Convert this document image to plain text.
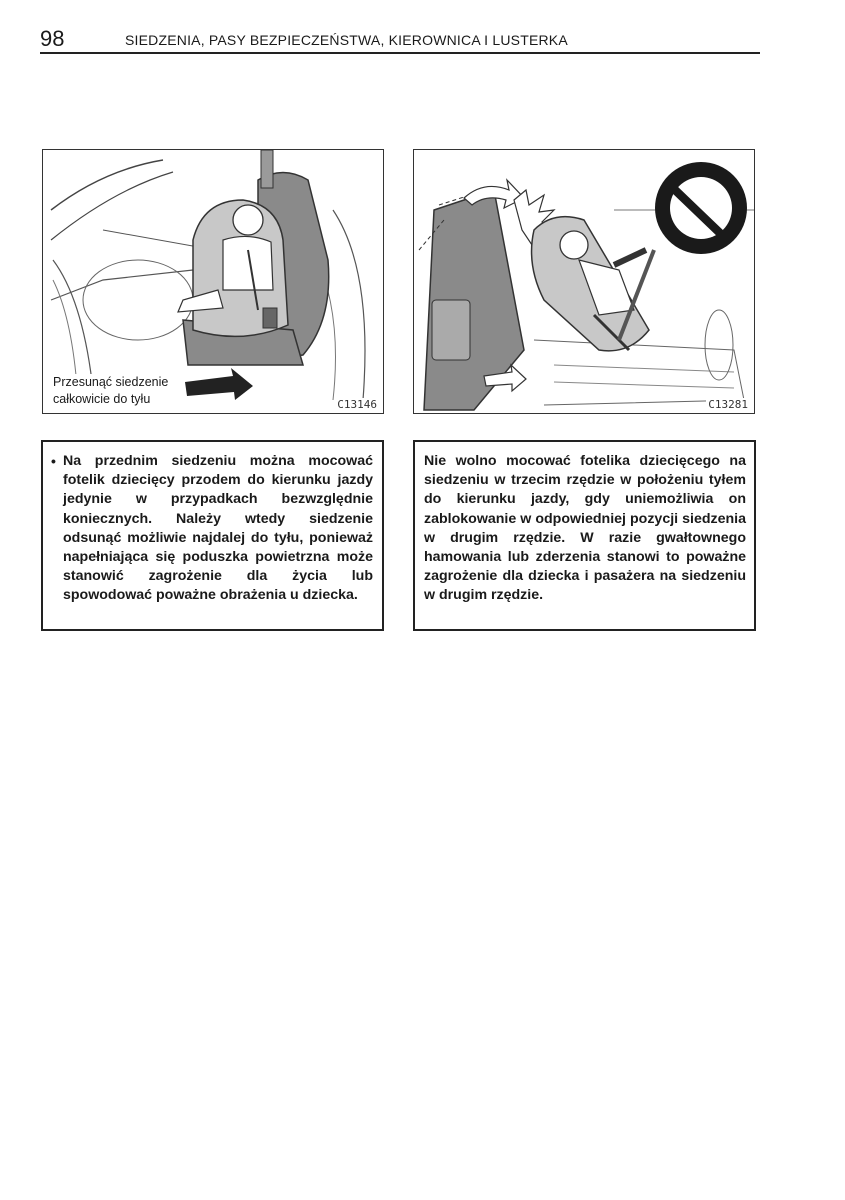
98	SIEDZENIA, PASY BEZPIECZEŃSTWA, KIEROWNICA I LUSTERKA
Przesunąć siedzenie
całkowicie do tyłu	C13146	C13281
• Na przednim siedzeniu można mocować fotelik dziecięcy przodem do kierunku jazdy jedynie w przypadkach bezwzględnie koniecznych. Należy wtedy siedzenie odsunąć możliwie najdalej do tyłu, ponieważ napełniająca się poduszka powietrzna może stanowić zagrożenie dla życia lub spowodować poważne obrażenia u dziecka.

Nie wolno mocować fotelika dziecięcego na siedzeniu w trzecim rzędzie w położeniu tyłem do kierunku jazdy, gdy uniemożliwia on zablokowanie w odpowiedniej pozycji siedzenia w drugim rzędzie. W razie gwałtownego hamowania lub zderzenia stanowi to poważne zagrożenie dla dziecka i pasażera na siedzeniu w drugim rzędzie.
